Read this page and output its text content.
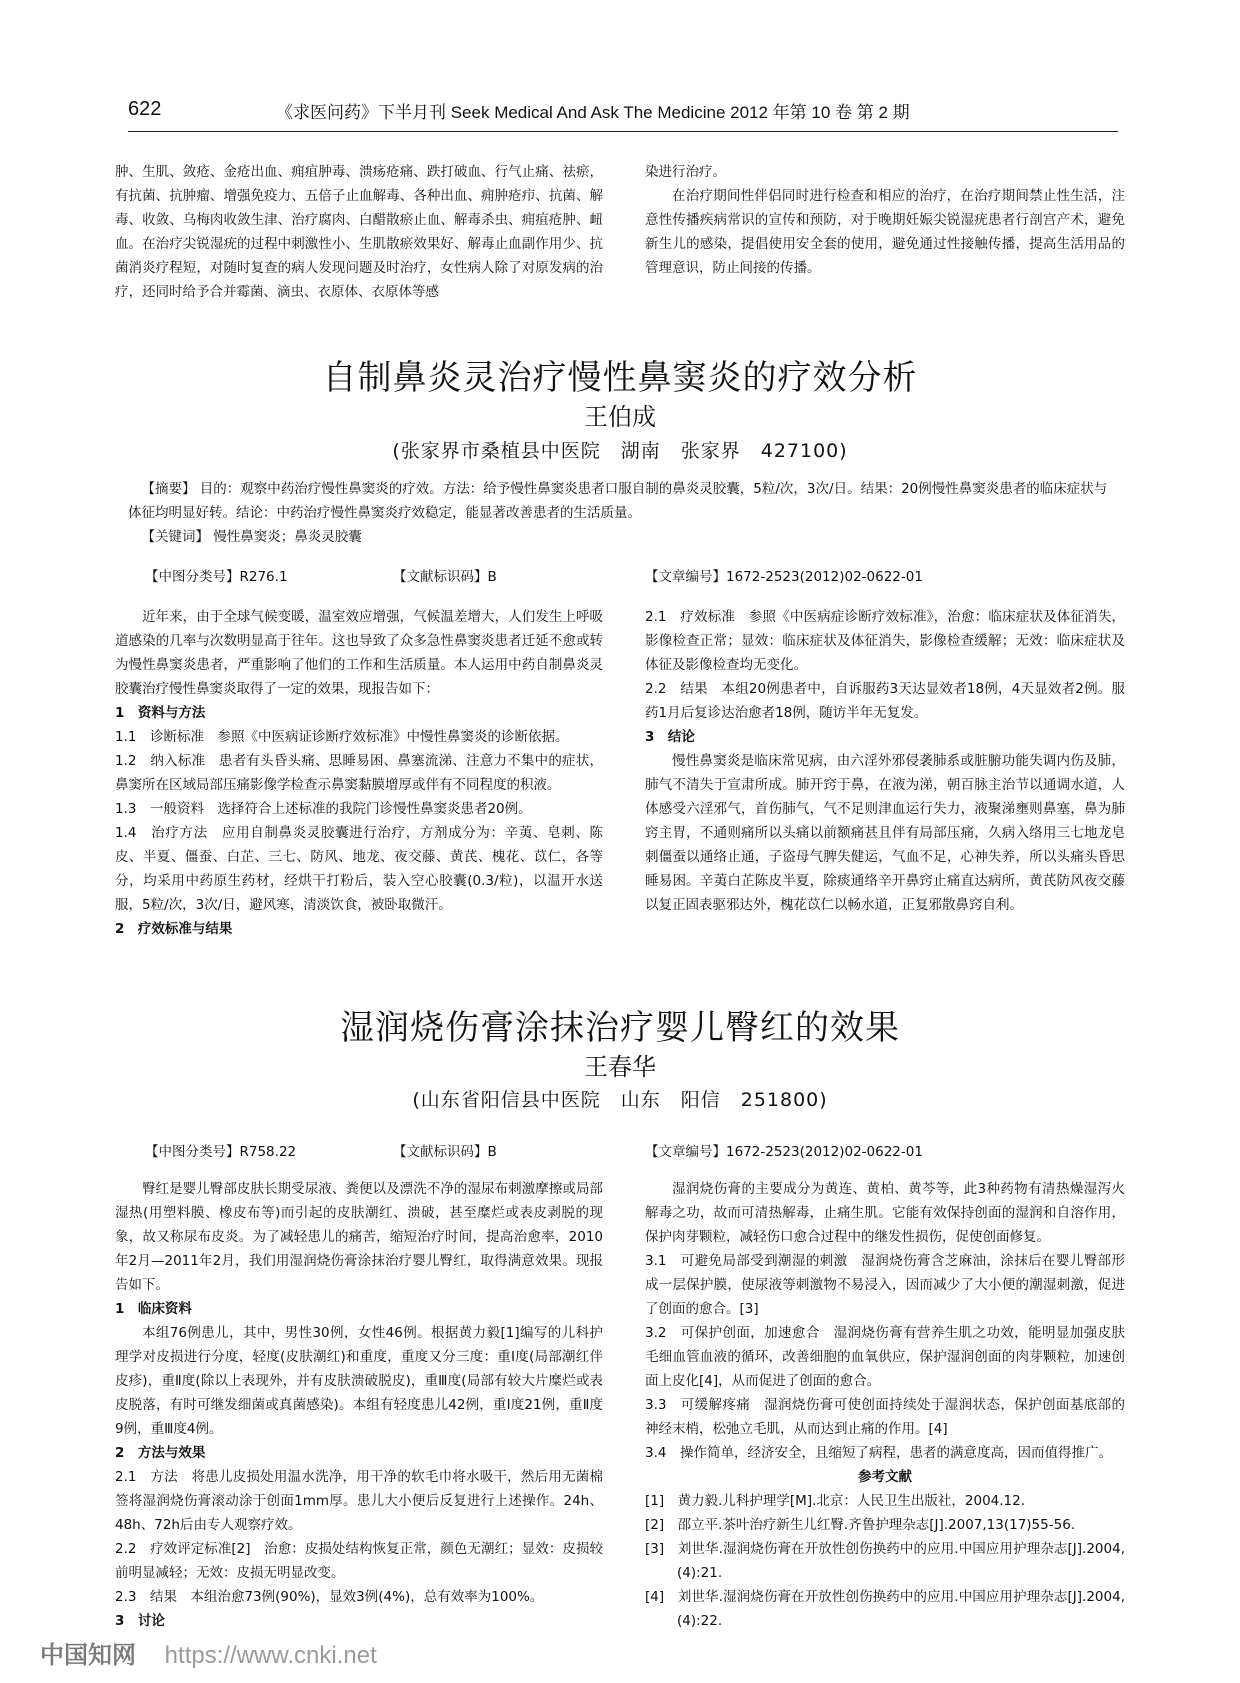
622	《求医问药》下半月刊 Seek Medical And Ask The Medicine 2012 年第 10 卷 第 2 期

肿、生肌、敛疮、金疮出血、痈疽肿毒、溃疡疮痛、跌打破血、行气止痛、祛瘀，有抗菌、抗肿瘤、增强免疫力、五倍子止血解毒、各种出血、痈肿疮疖、抗菌、解毒、收敛、乌梅肉收敛生津、治疗腐肉、白醋散瘀止血、解毒杀虫、痈疽疮肿、衄血。在治疗尖锐湿疣的过程中刺激性小、生肌散瘀效果好、解毒止血副作用少、抗菌消炎疗程短，对随时复查的病人发现问题及时治疗，女性病人除了对原发病的治疗，还同时给予合并霉菌、滴虫、衣原体、衣原体等感

染进行治疗。

在治疗期间性伴侣同时进行检查和相应的治疗，在治疗期间禁止性生活，注意性传播疾病常识的宣传和预防，对于晚期妊娠尖锐湿疣患者行剖宫产术，避免新生儿的感染，提倡使用安全套的使用，避免通过性接触传播，提高生活用品的管理意识，防止间接的传播。

自制鼻炎灵治疗慢性鼻窦炎的疗效分析
王伯成
(张家界市桑植县中医院　湖南　张家界　427100)

【摘要】 目的：观察中药治疗慢性鼻窦炎的疗效。方法：给予慢性鼻窦炎患者口服自制的鼻炎灵胶囊，5粒/次，3次/日。结果：20例慢性鼻窦炎患者的临床症状与体征均明显好转。结论：中药治疗慢性鼻窦炎疗效稳定，能显著改善患者的生活质量。

【关键词】 慢性鼻窦炎；鼻炎灵胶囊

【中图分类号】R276.1	【文献标识码】B	【文章编号】1672-2523(2012)02-0622-01

近年来，由于全球气候变暖，温室效应增强，气候温差增大，人们发生上呼吸道感染的几率与次数明显高于往年。这也导致了众多急性鼻窦炎患者迁延不愈或转为慢性鼻窦炎患者，严重影响了他们的工作和生活质量。本人运用中药自制鼻炎灵胶囊治疗慢性鼻窦炎取得了一定的效果，现报告如下：

1　资料与方法

1.1　诊断标准　参照《中医病证诊断疗效标准》中慢性鼻窦炎的诊断依据。

1.2　纳入标准　患者有头昏头痛、思睡易困、鼻塞流涕、注意力不集中的症状，鼻窦所在区域局部压痛影像学检查示鼻窦黏膜增厚或伴有不同程度的积液。

1.3　一般资料　选择符合上述标准的我院门诊慢性鼻窦炎患者20例。

1.4　治疗方法　应用自制鼻炎灵胶囊进行治疗，方剂成分为：辛荑、皂刺、陈皮、半夏、僵蚕、白芷、三七、防风、地龙、夜交藤、黄芪、槐花、苡仁，各等分，均采用中药原生药材，经烘干打粉后，装入空心胶囊(0.3/粒)，以温开水送服，5粒/次，3次/日，避风寒，清淡饮食，被卧取微汗。

2　疗效标准与结果

2.1　疗效标准　参照《中医病症诊断疗效标准》，治愈：临床症状及体征消失，影像检查正常；显效：临床症状及体征消失，影像检查缓解；无效：临床症状及体征及影像检查均无变化。

2.2　结果　本组20例患者中，自诉服药3天达显效者18例，4天显效者2例。服药1月后复诊达治愈者18例，随访半年无复发。

3　结论

慢性鼻窦炎是临床常见病，由六淫外邪侵袭肺系或脏腑功能失调内伤及肺，肺气不清失于宣肃所成。肺开窍于鼻，在液为涕，朝百脉主治节以通调水道，人体感受六淫邪气，首伤肺气，气不足则津血运行失力，液聚涕壅则鼻塞，鼻为肺窍主胃，不通则痛所以头痛以前额痛甚且伴有局部压痛，久病入络用三七地龙皂刺僵蚕以通络止通，子盗母气脾失健运，气血不足，心神失养，所以头痛头昏思睡易困。辛荑白芷陈皮半夏，除痰通络辛开鼻窍止痛直达病所，黄芪防风夜交藤以复正固表驱邪达外，槐花苡仁以畅水道，正复邪散鼻窍自利。

湿润烧伤膏涂抹治疗婴儿臀红的效果
王春华
(山东省阳信县中医院　山东　阳信　251800)
【中图分类号】R758.22	【文献标识码】B	【文章编号】1672-2523(2012)02-0622-01

臀红是婴儿臀部皮肤长期受尿液、粪便以及漂洗不净的湿尿布刺激摩擦或局部湿热(用塑料膜、橡皮布等)而引起的皮肤潮红、溃破，甚至糜烂或表皮剥脱的现象，故又称尿布皮炎。为了减轻患儿的痛苦，缩短治疗时间，提高治愈率，2010年2月—2011年2月，我们用湿润烧伤膏涂抹治疗婴儿臀红，取得满意效果。现报告如下。

1　临床资料

本组76例患儿，其中，男性30例，女性46例。根据黄力毅[1]编写的儿科护理学对皮损进行分度，轻度(皮肤潮红)和重度，重度又分三度：重Ⅰ度(局部潮红伴皮疹)，重Ⅱ度(除以上表现外，并有皮肤溃破脱皮)，重Ⅲ度(局部有较大片糜烂或表皮脱落，有时可继发细菌或真菌感染)。本组有轻度患儿42例，重Ⅰ度21例，重Ⅱ度9例，重Ⅲ度4例。

2　方法与效果

2.1　方法　将患儿皮损处用温水洗净，用干净的软毛巾将水吸干，然后用无菌棉签将湿润烧伤膏滚动涂于创面1mm厚。患儿大小便后反复进行上述操作。24h、48h、72h后由专人观察疗效。

2.2　疗效评定标准[2]　治愈：皮损处结构恢复正常，颜色无潮红；显效：皮损较前明显减轻；无效：皮损无明显改变。

2.3　结果　本组治愈73例(90%)，显效3例(4%)，总有效率为100%。

3　讨论

湿润烧伤膏的主要成分为黄连、黄柏、黄芩等，此3种药物有清热燥湿泻火解毒之功，故而可清热解毒，止痛生肌。它能有效保持创面的湿润和自溶作用，保护肉芽颗粒，减轻伤口愈合过程中的继发性损伤，促使创面修复。

3.1　可避免局部受到潮湿的刺激　湿润烧伤膏含芝麻油，涂抹后在婴儿臀部形成一层保护膜，使尿液等刺激物不易浸入，因而减少了大小便的潮湿刺激，促进了创面的愈合。[3]

3.2　可保护创面，加速愈合　湿润烧伤膏有营养生肌之功效，能明显加强皮肤毛细血管血液的循环，改善细胞的血氧供应，保护湿润创面的肉芽颗粒，加速创面上皮化[4]，从而促进了创面的愈合。

3.3　可缓解疼痛　湿润烧伤膏可使创面持续处于湿润状态，保护创面基底部的神经末梢，松弛立毛肌，从而达到止痛的作用。[4]

3.4　操作简单，经济安全，且缩短了病程，患者的满意度高，因而值得推广。

参考文献

[1]　黄力毅.儿科护理学[M].北京：人民卫生出版社，2004.12.

[2]　邵立平.茶叶治疗新生儿红臀.齐鲁护理杂志[J].2007,13(17)55-56.

[3]　刘世华.湿润烧伤膏在开放性创伤换药中的应用.中国应用护理杂志[J].2004,(4):21.

[4]　刘世华.湿润烧伤膏在开放性创伤换药中的应用.中国应用护理杂志[J].2004,(4):22.

中国知网 https://www.cnki.net
